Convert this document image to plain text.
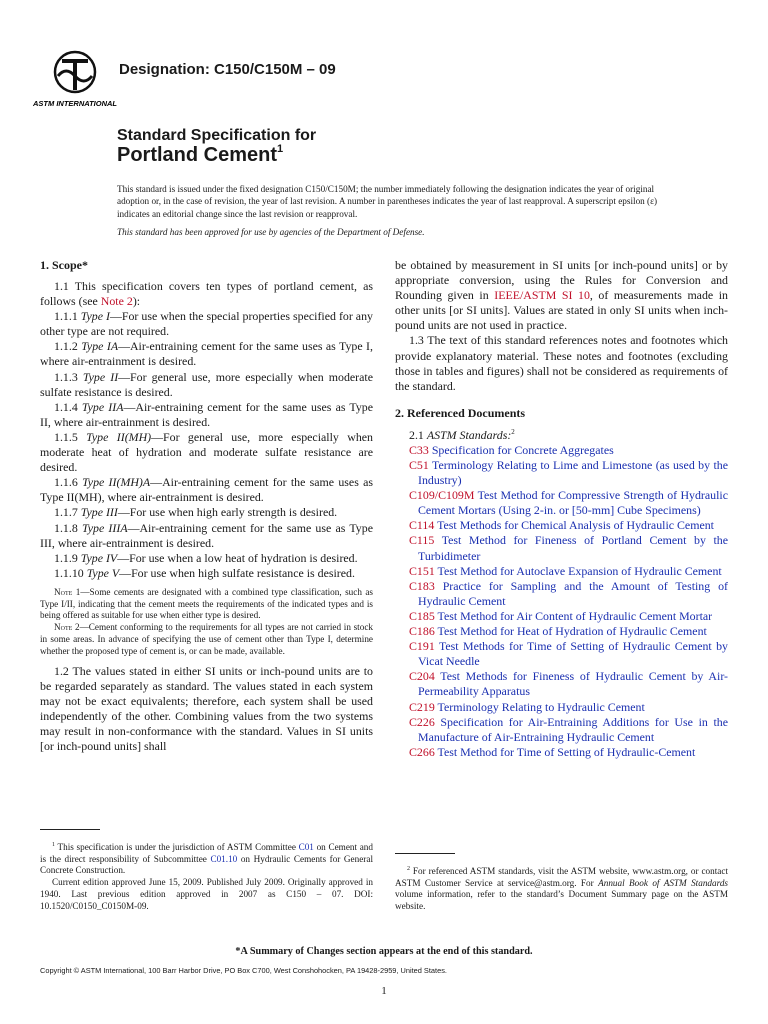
ASTM INTERNATIONAL
Designation: C150/C150M – 09
Standard Specification for
Portland Cement$^1$

This standard is issued under the fixed designation C150/C150M; the number immediately following the designation indicates the year of original adoption or, in the case of revision, the year of last revision. A number in parentheses indicates the year of last reapproval. A superscript epsilon (ε) indicates an editorial change since the last revision or reapproval.

This standard has been approved for use by agencies of the Department of Defense.

1. Scope*

1.1 This specification covers ten types of portland cement, as follows (see Note 2):

1.1.1 Type I—For use when the special properties specified for any other type are not required.

1.1.2 Type IA—Air-entraining cement for the same uses as Type I, where air-entrainment is desired.

1.1.3 Type II—For general use, more especially when moderate sulfate resistance is desired.

1.1.4 Type IIA—Air-entraining cement for the same uses as Type II, where air-entrainment is desired.

1.1.5 Type II(MH)—For general use, more especially when moderate heat of hydration and moderate sulfate resistance are desired.

1.1.6 Type II(MH)A—Air-entraining cement for the same uses as Type II(MH), where air-entrainment is desired.

1.1.7 Type III—For use when high early strength is desired.

1.1.8 Type IIIA—Air-entraining cement for the same use as Type III, where air-entrainment is desired.

1.1.9 Type IV—For use when a low heat of hydration is desired.

1.1.10 Type V—For use when high sulfate resistance is desired.

Note 1—Some cements are designated with a combined type classification, such as Type I/II, indicating that the cement meets the requirements of the indicated types and is being offered as suitable for use when either type is desired.

Note 2—Cement conforming to the requirements for all types are not carried in stock in some areas. In advance of specifying the use of cement other than Type I, determine whether the proposed type of cement is, or can be made, available.

1.2 The values stated in either SI units or inch-pound units are to be regarded separately as standard. The values stated in each system may not be exact equivalents; therefore, each system shall be used independently of the other. Combining values from the two systems may result in non-conformance with the standard. Values in SI units [or inch-pound units] shall

be obtained by measurement in SI units [or inch-pound units] or by appropriate conversion, using the Rules for Conversion and Rounding given in IEEE/ASTM SI 10, of measurements made in other units [or SI units]. Values are stated in only SI units when inch-pound units are not used in practice.

1.3 The text of this standard references notes and footnotes which provide explanatory material. These notes and footnotes (excluding those in tables and figures) shall not be considered as requirements of the standard.

2. Referenced Documents

2.1 ASTM Standards:$^2$

C33 Specification for Concrete Aggregates

C51 Terminology Relating to Lime and Limestone (as used by the Industry)

C109/C109M Test Method for Compressive Strength of Hydraulic Cement Mortars (Using 2-in. or [50-mm] Cube Specimens)

C114 Test Methods for Chemical Analysis of Hydraulic Cement

C115 Test Method for Fineness of Portland Cement by the Turbidimeter

C151 Test Method for Autoclave Expansion of Hydraulic Cement

C183 Practice for Sampling and the Amount of Testing of Hydraulic Cement

C185 Test Method for Air Content of Hydraulic Cement Mortar

C186 Test Method for Heat of Hydration of Hydraulic Cement

C191 Test Methods for Time of Setting of Hydraulic Cement by Vicat Needle

C204 Test Methods for Fineness of Hydraulic Cement by Air-Permeability Apparatus

C219 Terminology Relating to Hydraulic Cement

C226 Specification for Air-Entraining Additions for Use in the Manufacture of Air-Entraining Hydraulic Cement

C266 Test Method for Time of Setting of Hydraulic-Cement

$^1$ This specification is under the jurisdiction of ASTM Committee C01 on Cement and is the direct responsibility of Subcommittee C01.10 on Hydraulic Cements for General Concrete Construction.

Current edition approved June 15, 2009. Published July 2009. Originally approved in 1940. Last previous edition approved in 2007 as C150 – 07. DOI: 10.1520/C0150_C0150M-09.

$^2$ For referenced ASTM standards, visit the ASTM website, www.astm.org, or contact ASTM Customer Service at service@astm.org. For Annual Book of ASTM Standards volume information, refer to the standard’s Document Summary page on the ASTM website.

*A Summary of Changes section appears at the end of this standard.
Copyright © ASTM International, 100 Barr Harbor Drive, PO Box C700, West Conshohocken, PA 19428-2959, United States.
1
